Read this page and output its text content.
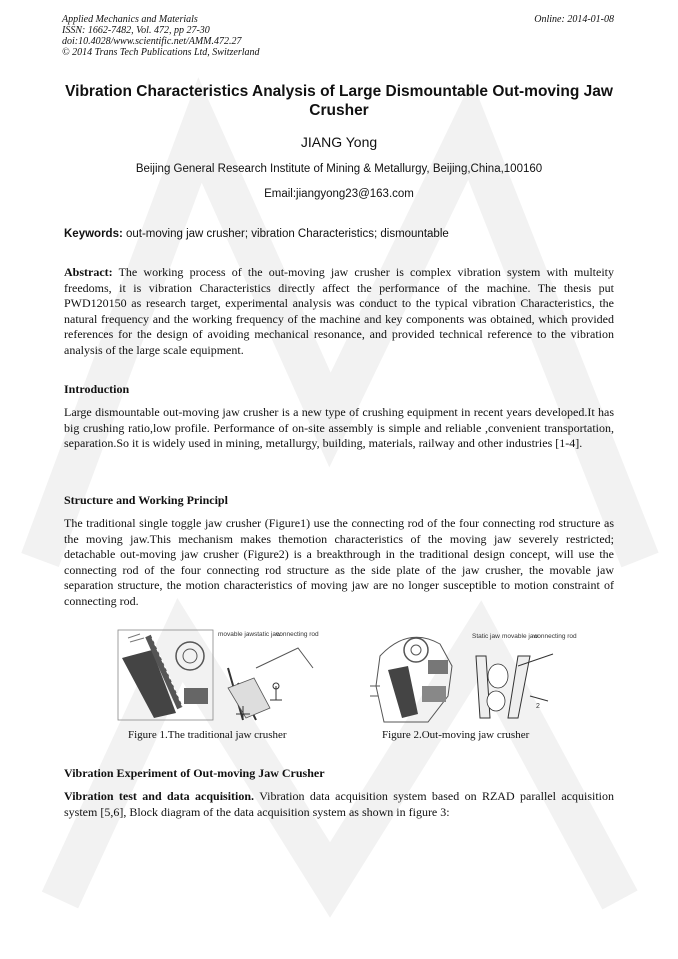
Applied Mechanics and Materials
ISSN: 1662-7482, Vol. 472, pp 27-30
doi:10.4028/www.scientific.net/AMM.472.27
© 2014 Trans Tech Publications Ltd, Switzerland
Online: 2014-01-08
Vibration Characteristics Analysis of Large Dismountable Out-moving Jaw Crusher
JIANG Yong
Beijing General Research Institute of Mining & Metallurgy, Beijing,China,100160
Email:jiangyong23@163.com
Keywords: out-moving jaw crusher; vibration Characteristics; dismountable
Abstract: The working process of the out-moving jaw crusher is complex vibration system with multeity freedoms, it is vibration Characteristics directly affect the performance of the machine. The thesis put PWD120150 as research target, experimental analysis was conduct to the typical vibration Characteristics, the natural frequency and the working frequency of the machine and key components was obtained, which provided references for the design of avoiding mechanical resonance, and provided technical reference to the vibration analysis of the large scale equipment.
Introduction
Large dismountable out-moving jaw crusher is a new type of crushing equipment in recent years developed.It has big crushing ratio,low profile. Performance of on-site assembly is simple and reliable ,convenient transportation, separation.So it is widely used in mining, metallurgy, building, materials, railway and other industries [1-4].
Structure and Working Principl
The traditional single toggle jaw crusher (Figure1) use the connecting rod of the four connecting rod structure as the moving jaw.This mechanism makes themotion characteristics of the moving jaw severely restricted; detachable out-moving jaw crusher (Figure2) is a breakthrough in the traditional design concept, will use the connecting rod of the four connecting rod structure as the side plate of the jaw crusher, the movable jaw separation structure, the motion characteristics of moving jaw are no longer susceptible to motion constraint of connecting rod.
movable jaw static jaw
connecting rod
Figure 1.The traditional jaw crusher
Static jaw movable jaw
connecting rod
2
Figure 2.Out-moving jaw crusher
Vibration Experiment of Out-moving Jaw Crusher
Vibration test and data acquisition. Vibration data acquisition system based on RZAD parallel acquisition system [5,6], Block diagram of the data acquisition system as shown in figure 3:
